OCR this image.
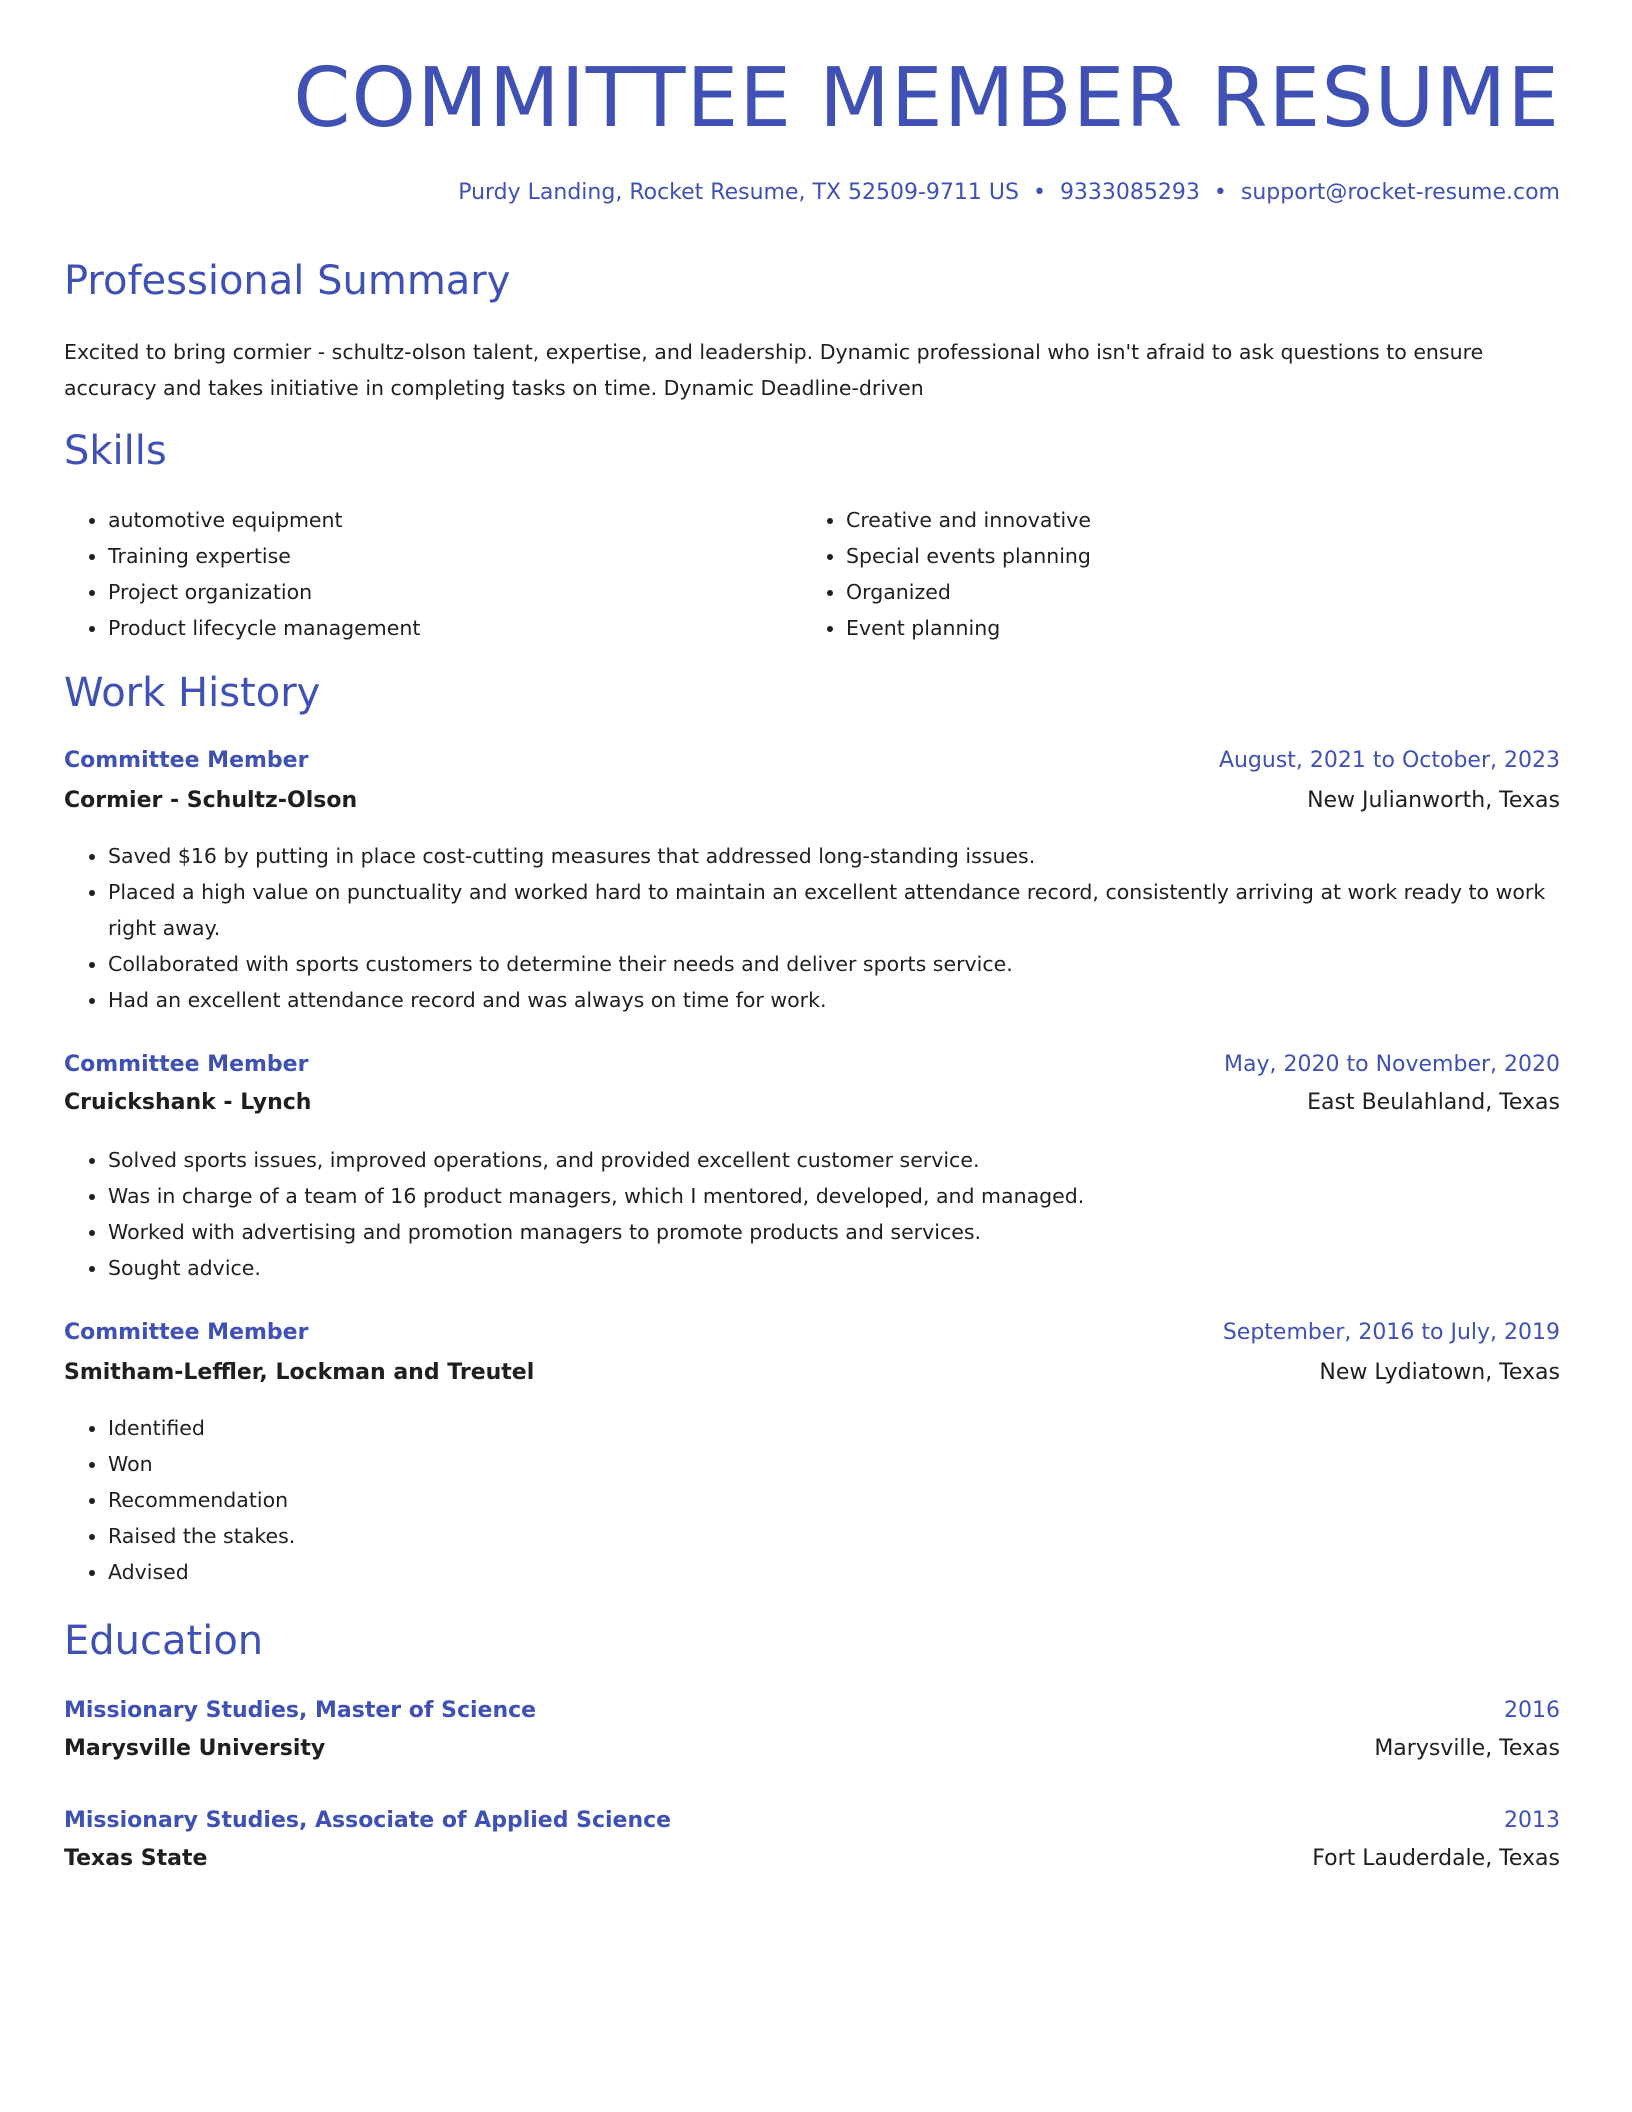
COMMITTEE MEMBER RESUME
Purdy Landing, Rocket Resume, TX 52509-9711 US • 9333085293 • support@rocket-resume.com
Professional Summary

Excited to bring cormier - schultz-olson talent, expertise, and leadership. Dynamic professional who isn't afraid to ask questions to ensure accuracy and takes initiative in completing tasks on time. Dynamic Deadline-driven

Skills
• automotive equipment
• Training expertise
• Project organization
• Product lifecycle management
• Creative and innovative
• Special events planning
• Organized
• Event planning
Work History
Committee Member	August, 2021 to October, 2023
Cormier - Schultz-Olson	New Julianworth, Texas
• Saved $16 by putting in place cost-cutting measures that addressed long-standing issues.
• Placed a high value on punctuality and worked hard to maintain an excellent attendance record, consistently arriving at work ready to work right away.
• Collaborated with sports customers to determine their needs and deliver sports service.
• Had an excellent attendance record and was always on time for work.
Committee Member	May, 2020 to November, 2020
Cruickshank - Lynch	East Beulahland, Texas
• Solved sports issues, improved operations, and provided excellent customer service.
• Was in charge of a team of 16 product managers, which I mentored, developed, and managed.
• Worked with advertising and promotion managers to promote products and services.
• Sought advice.
Committee Member	September, 2016 to July, 2019
Smitham-Leffler, Lockman and Treutel	New Lydiatown, Texas
• Identified
• Won
• Recommendation
• Raised the stakes.
• Advised
Education
Missionary Studies, Master of Science	2016
Marysville University	Marysville, Texas
Missionary Studies, Associate of Applied Science	2013
Texas State	Fort Lauderdale, Texas
